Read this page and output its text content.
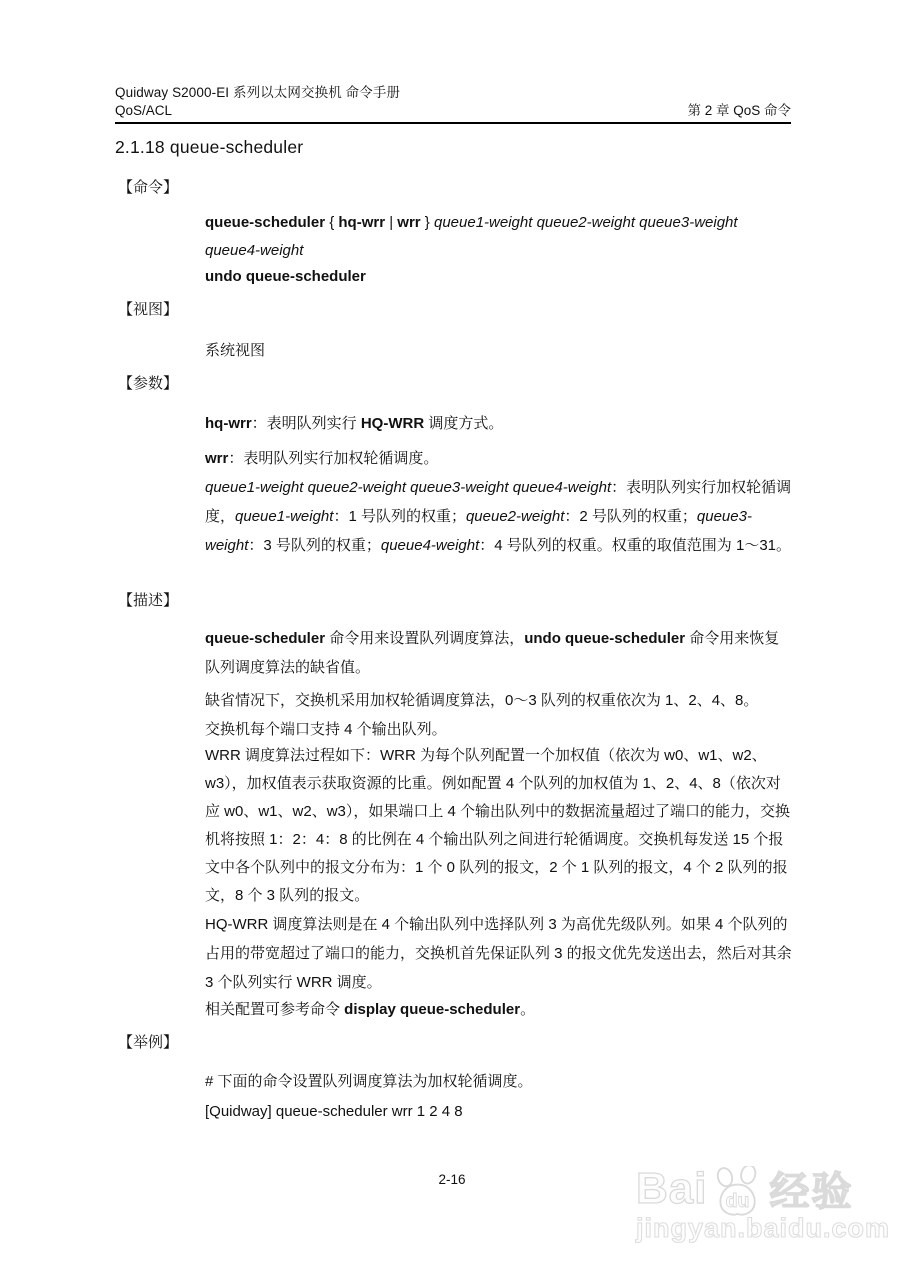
Quidway S2000-EI 系列以太网交换机 命令手册
QoS/ACL	第 2 章 QoS 命令
2.1.18 queue-scheduler
【命令】
queue-scheduler { hq-wrr | wrr } queue1-weight queue2-weight queue3-weight queue4-weight
undo queue-scheduler
【视图】
系统视图
【参数】
hq-wrr：表明队列实行 HQ-WRR 调度方式。
wrr：表明队列实行加权轮循调度。
queue1-weight queue2-weight queue3-weight queue4-weight：表明队列实行加权轮循调度，queue1-weight：1 号队列的权重；queue2-weight：2 号队列的权重；queue3-weight：3 号队列的权重；queue4-weight：4 号队列的权重。权重的取值范围为 1～31。
【描述】
queue-scheduler 命令用来设置队列调度算法，undo queue-scheduler 命令用来恢复队列调度算法的缺省值。
缺省情况下，交换机采用加权轮循调度算法，0～3 队列的权重依次为 1、2、4、8。
交换机每个端口支持 4 个输出队列。
WRR 调度算法过程如下：WRR 为每个队列配置一个加权值（依次为 w0、w1、w2、w3），加权值表示获取资源的比重。例如配置 4 个队列的加权值为 1、2、4、8（依次对应 w0、w1、w2、w3），如果端口上 4 个输出队列中的数据流量超过了端口的能力，交换机将按照 1：2：4：8 的比例在 4 个输出队列之间进行轮循调度。交换机每发送 15 个报文中各个队列中的报文分布为：1 个 0 队列的报文，2 个 1 队列的报文，4 个 2 队列的报文，8 个 3 队列的报文。
HQ-WRR 调度算法则是在 4 个输出队列中选择队列 3 为高优先级队列。如果 4 个队列的占用的带宽超过了端口的能力，交换机首先保证队列 3 的报文优先发送出去，然后对其余 3 个队列实行 WRR 调度。
相关配置可参考命令 display queue-scheduler。
【举例】
# 下面的命令设置队列调度算法为加权轮循调度。
[Quidway] queue-scheduler wrr 1 2 4 8
2-16	Bai du 经验
jingyan.baidu.com
